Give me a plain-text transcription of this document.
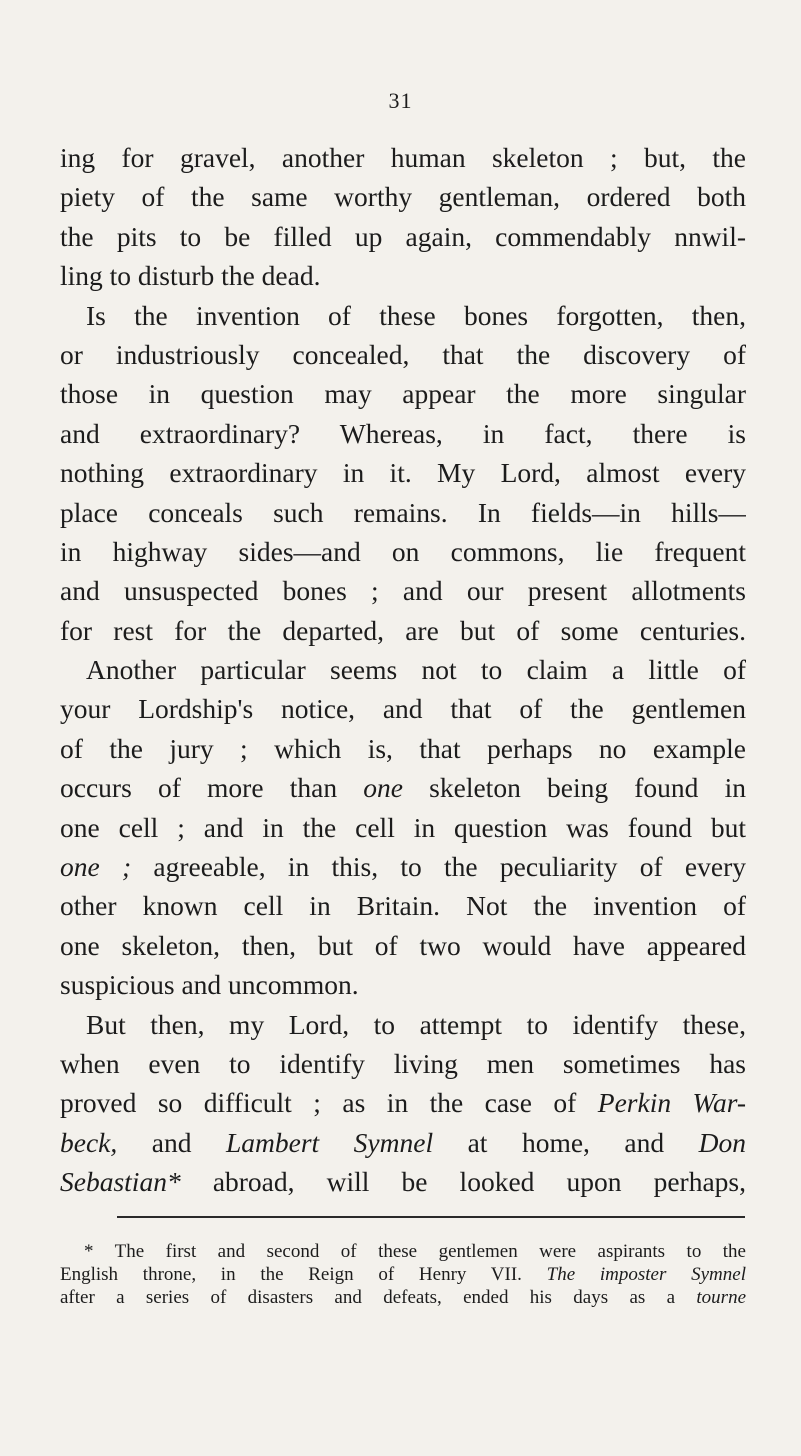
31
ing for gravel, another human skeleton ; but, the
piety of the same worthy gentleman, ordered both
the pits to be filled up again, commendably nnwil-
ling to disturb the dead.
Is the invention of these bones forgotten, then,
or industriously concealed, that the discovery of
those in question may appear the more singular
and extraordinary? Whereas, in fact, there is
nothing extraordinary in it. My Lord, almost every
place conceals such remains. In fields—in hills—
in highway sides—and on commons, lie frequent
and unsuspected bones ; and our present allotments
for rest for the departed, are but of some centuries.
Another particular seems not to claim a little of
your Lordship's notice, and that of the gentlemen
of the jury ; which is, that perhaps no example
occurs of more than one skeleton being found in
one cell ; and in the cell in question was found but
one ; agreeable, in this, to the peculiarity of every
other known cell in Britain. Not the invention of
one skeleton, then, but of two would have appeared
suspicious and uncommon.
But then, my Lord, to attempt to identify these,
when even to identify living men sometimes has
proved so difficult ; as in the case of Perkin War-
beck, and Lambert Symnel at home, and Don
Sebastian* abroad, will be looked upon perhaps,
* The first and second of these gentlemen were aspirants to the
English throne, in the Reign of Henry VII. The imposter Symnel
after a series of disasters and defeats, ended his days as a tourne
